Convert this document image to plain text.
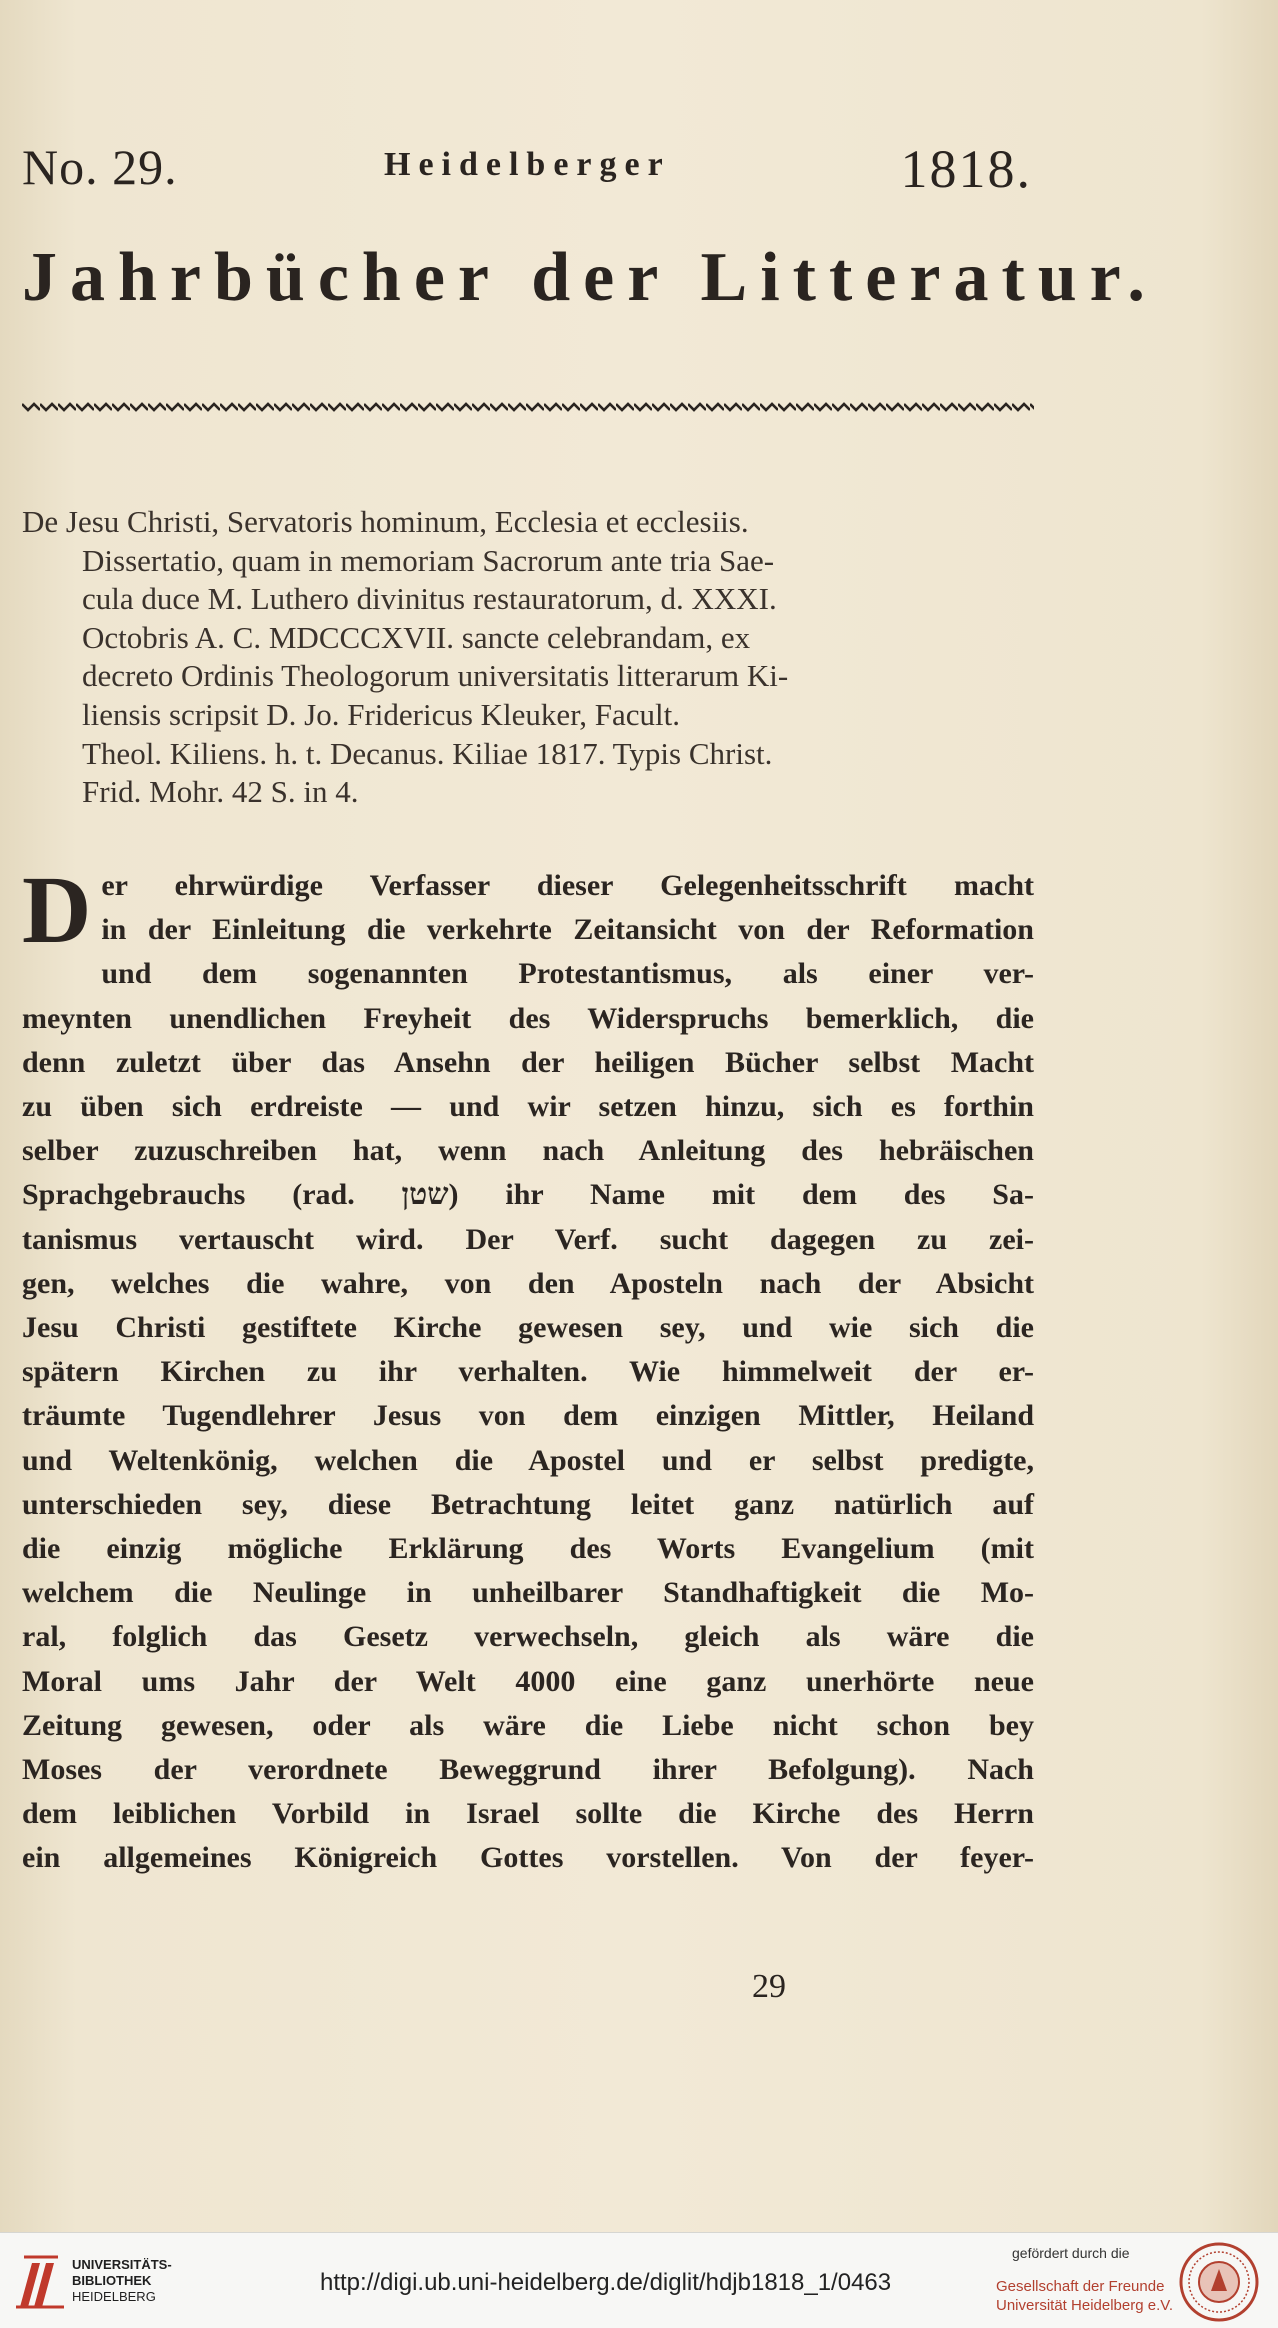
No. 29.	Heidelberger	1818.
Jahrbücher der Litteratur.
De Jesu Christi, Servatoris hominum, Ecclesia et ecclesiis.
Dissertatio, quam in memoriam Sacrorum ante tria Sae-
cula duce M. Luthero divinitus restauratorum, d. XXXI.
Octobris A. C. MDCCCXVII. sancte celebrandam, ex
decreto Ordinis Theologorum universitatis litterarum Ki-
liensis scripsit D. Jo. Fridericus Kleuker, Facult.
Theol. Kiliens. h. t. Decanus. Kiliae 1817. Typis Christ.
Frid. Mohr. 42 S. in 4.
D er ehrwürdige Verfasser dieser Gelegenheitsschrift macht
in der Einleitung die verkehrte Zeitansicht von der Reformation
und dem sogenannten Protestantismus, als einer ver-
meynten unendlichen Freyheit des Widerspruchs bemerklich, die
denn zuletzt über das Ansehn der heiligen Bücher selbst Macht
zu üben sich erdreiste — und wir setzen hinzu, sich es forthin
selber zuzuschreiben hat, wenn nach Anleitung des hebräischen
Sprachgebrauchs (rad. שטן) ihr Name mit dem des Sa-
tanismus vertauscht wird. Der Verf. sucht dagegen zu zei-
gen, welches die wahre, von den Aposteln nach der Absicht
Jesu Christi gestiftete Kirche gewesen sey, und wie sich die
spätern Kirchen zu ihr verhalten. Wie himmelweit der er-
träumte Tugendlehrer Jesus von dem einzigen Mittler, Heiland
und Weltenkönig, welchen die Apostel und er selbst predigte,
unterschieden sey, diese Betrachtung leitet ganz natürlich auf
die einzig mögliche Erklärung des Worts Evangelium (mit
welchem die Neulinge in unheilbarer Standhaftigkeit die Mo-
ral, folglich das Gesetz verwechseln, gleich als wäre die
Moral ums Jahr der Welt 4000 eine ganz unerhörte neue
Zeitung gewesen, oder als wäre die Liebe nicht schon bey
Moses der verordnete Beweggrund ihrer Befolgung). Nach
dem leiblichen Vorbild in Israel sollte die Kirche des Herrn
ein allgemeines Königreich Gottes vorstellen. Von der feyer-
29
UNIVERSITÄTS-
BIBLIOTHEK
HEIDELBERG
http://digi.ub.uni-heidelberg.de/diglit/hdjb1818_1/0463
gefördert durch die
Gesellschaft der Freunde
Universität Heidelberg e.V.
